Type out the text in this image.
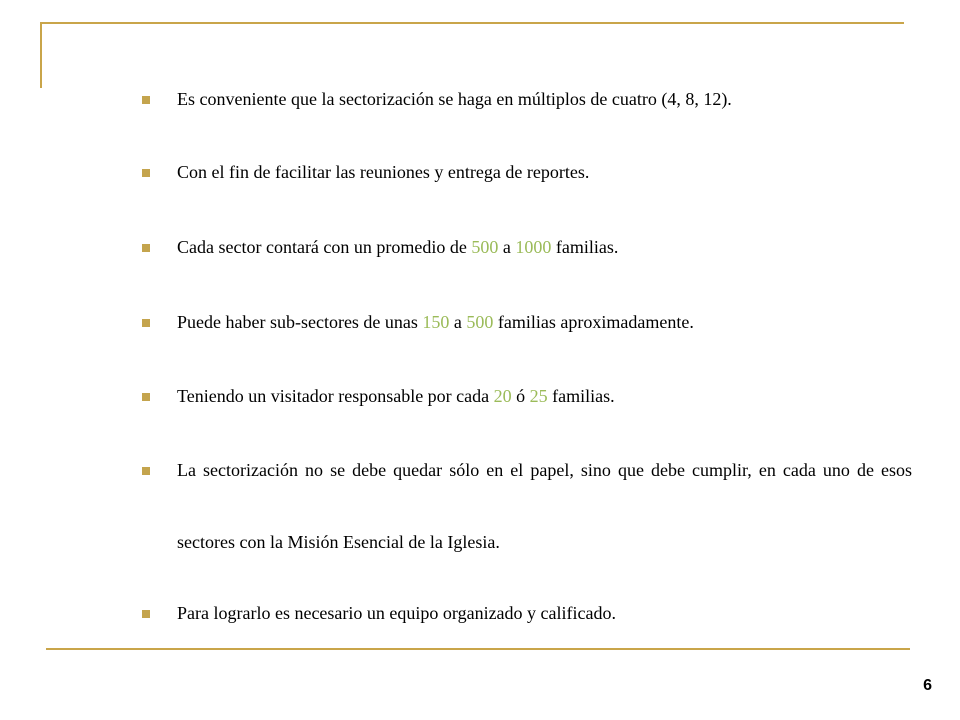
Es conveniente que la sectorización se haga en múltiplos de cuatro (4, 8, 12).
Con el fin de facilitar las reuniones y entrega de reportes.
Cada sector contará con un promedio de 500 a 1000 familias.
Puede haber sub-sectores de unas 150 a 500 familias aproximadamente.
Teniendo un visitador responsable por cada 20 ó 25 familias.
La sectorización no se debe quedar sólo en el papel, sino que debe cumplir, en cada uno de esos sectores con la Misión Esencial de la Iglesia.
Para lograrlo es necesario un equipo organizado y calificado.
6
